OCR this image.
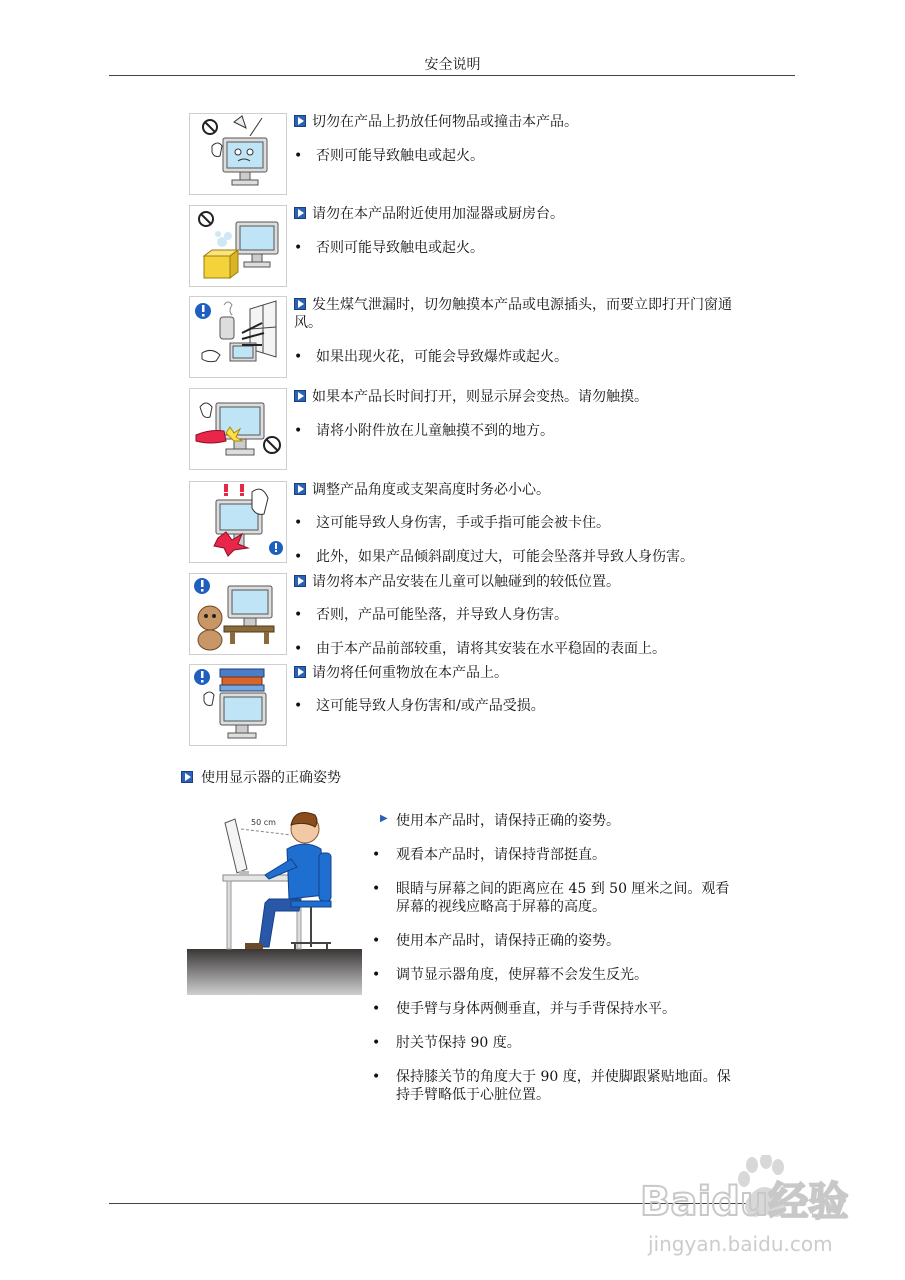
安全说明
切勿在产品上扔放任何物品或撞击本产品。
• 否则可能导致触电或起火。
请勿在本产品附近使用加湿器或厨房台。
• 否则可能导致触电或起火。
发生煤气泄漏时，切勿触摸本产品或电源插头，而要立即打开门窗通风。
• 如果出现火花，可能会导致爆炸或起火。
如果本产品长时间打开，则显示屏会变热。请勿触摸。
• 请将小附件放在儿童触摸不到的地方。
调整产品角度或支架高度时务必小心。
• 这可能导致人身伤害，手或手指可能会被卡住。
• 此外，如果产品倾斜副度过大，可能会坠落并导致人身伤害。
请勿将本产品安装在儿童可以触碰到的较低位置。
• 否则，产品可能坠落，并导致人身伤害。
• 由于本产品前部较重，请将其安装在水平稳固的表面上。
请勿将任何重物放在本产品上。
• 这可能导致人身伤害和/或产品受损。
使用显示器的正确姿势
50 cm	▶ 使用本产品时，请保持正确的姿势。
• 观看本产品时，请保持背部挺直。
• 眼睛与屏幕之间的距离应在 45 到 50 厘米之间。观看屏幕的视线应略高于屏幕的高度。
• 使用本产品时，请保持正确的姿势。
• 调节显示器角度，使屏幕不会发生反光。
• 使手臂与身体两侧垂直，并与手背保持水平。
• 肘关节保持 90 度。
• 保持膝关节的角度大于 90 度，并使脚跟紧贴地面。保持手臂略低于心脏位置。
Baidu经验
jingyan.baidu.com
